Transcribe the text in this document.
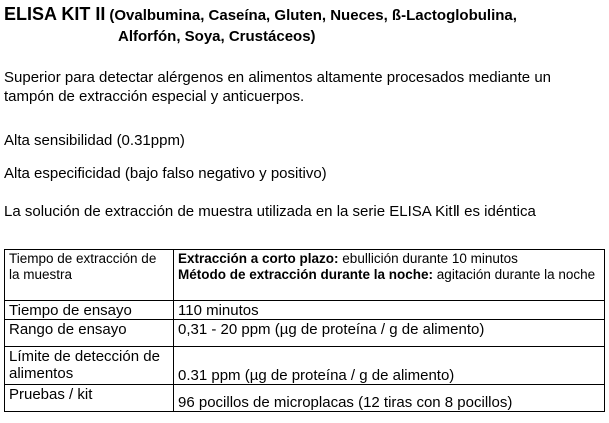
ELISA KIT II (Ovalbumina, Caseína, Gluten, Nueces, ß-Lactoglobulina,
Alforfón, Soya, Crustáceos)
Superior para detectar alérgenos en alimentos altamente procesados mediante un tampón de extracción especial y anticuerpos.
Alta sensibilidad (0.31ppm)
Alta especificidad (bajo falso negativo y positivo)
La solución de extracción de muestra utilizada en la serie ELISA KitⅡ es idéntica
Tiempo de extracción de la muestra	Extracción a corto plazo: ebullición durante 10 minutos
Método de extracción durante la noche: agitación durante la noche
Tiempo de ensayo	110 minutos
Rango de ensayo	0,31 - 20 ppm (µg de proteína / g de alimento)
Límite de detección de alimentos	0.31 ppm (µg de proteína / g de alimento)
Pruebas / kit	96 pocillos de microplacas (12 tiras con 8 pocillos)
